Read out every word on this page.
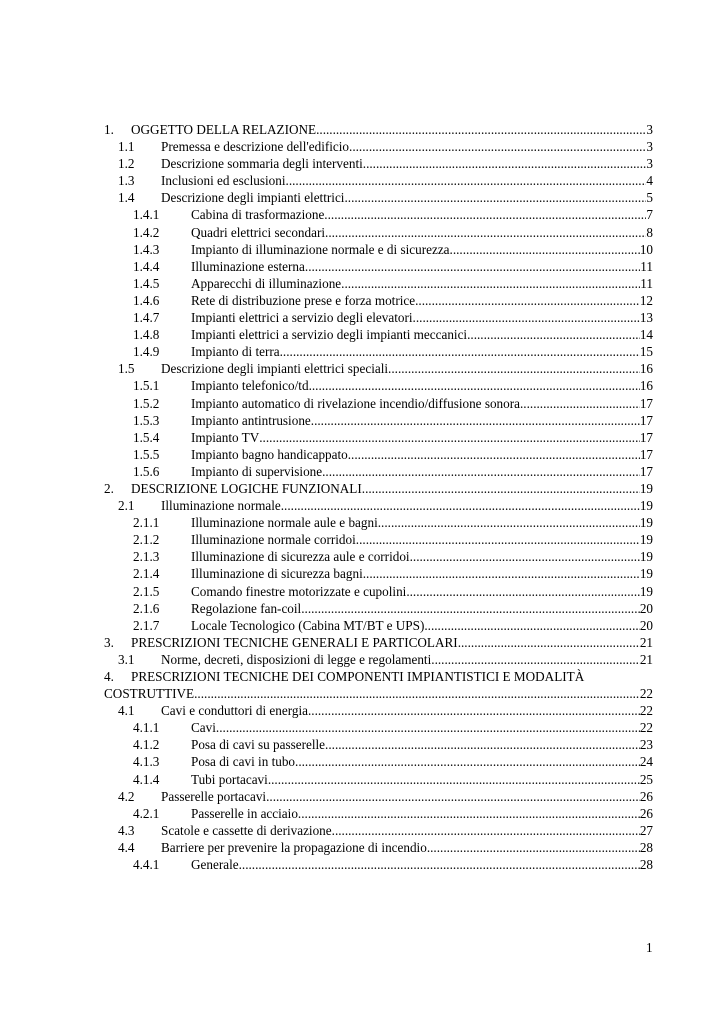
1. OGGETTO DELLA RELAZIONE .....	3
1.1 Premessa e descrizione dell'edificio .....	3
1.2 Descrizione sommaria degli interventi .....	3
1.3 Inclusioni ed esclusioni .....	4
1.4 Descrizione degli impianti elettrici .....	5
1.4.1 Cabina di trasformazione .....	7
1.4.2 Quadri elettrici secondari .....	8
1.4.3 Impianto di illuminazione normale e di sicurezza .....	10
1.4.4 Illuminazione esterna .....	11
1.4.5 Apparecchi di illuminazione .....	11
1.4.6 Rete di distribuzione prese e forza motrice .....	12
1.4.7 Impianti elettrici a servizio degli elevatori .....	13
1.4.8 Impianti elettrici a servizio degli impianti meccanici .....	14
1.4.9 Impianto di terra .....	15
1.5 Descrizione degli impianti elettrici speciali .....	16
1.5.1 Impianto telefonico/td .....	16
1.5.2 Impianto automatico di rivelazione incendio/diffusione sonora .....	17
1.5.3 Impianto antintrusione .....	17
1.5.4 Impianto TV .....	17
1.5.5 Impianto bagno handicappato .....	17
1.5.6 Impianto di supervisione .....	17
2. DESCRIZIONE LOGICHE FUNZIONALI .....	19
2.1 Illuminazione normale .....	19
2.1.1 Illuminazione normale aule e bagni .....	19
2.1.2 Illuminazione normale corridoi .....	19
2.1.3 Illuminazione di sicurezza aule e corridoi .....	19
2.1.4 Illuminazione di sicurezza bagni .....	19
2.1.5 Comando finestre motorizzate e cupolini .....	19
2.1.6 Regolazione fan-coil .....	20
2.1.7 Locale Tecnologico (Cabina MT/BT e UPS) .....	20
3. PRESCRIZIONI TECNICHE GENERALI E PARTICOLARI .....	21
3.1 Norme, decreti, disposizioni di legge e regolamenti .....	21
4. PRESCRIZIONI TECNICHE DEI COMPONENTI IMPIANTISTICI E MODALITÀ
COSTRUTTIVE .....	22
4.1 Cavi e conduttori di energia .....	22
4.1.1 Cavi .....	22
4.1.2 Posa di cavi su passerelle .....	23
4.1.3 Posa di cavi in tubo .....	24
4.1.4 Tubi portacavi .....	25
4.2 Passerelle portacavi .....	26
4.2.1 Passerelle in acciaio .....	26
4.3 Scatole e cassette di derivazione .....	27
4.4 Barriere per prevenire la propagazione di incendio .....	28
4.4.1 Generale .....	28
1
